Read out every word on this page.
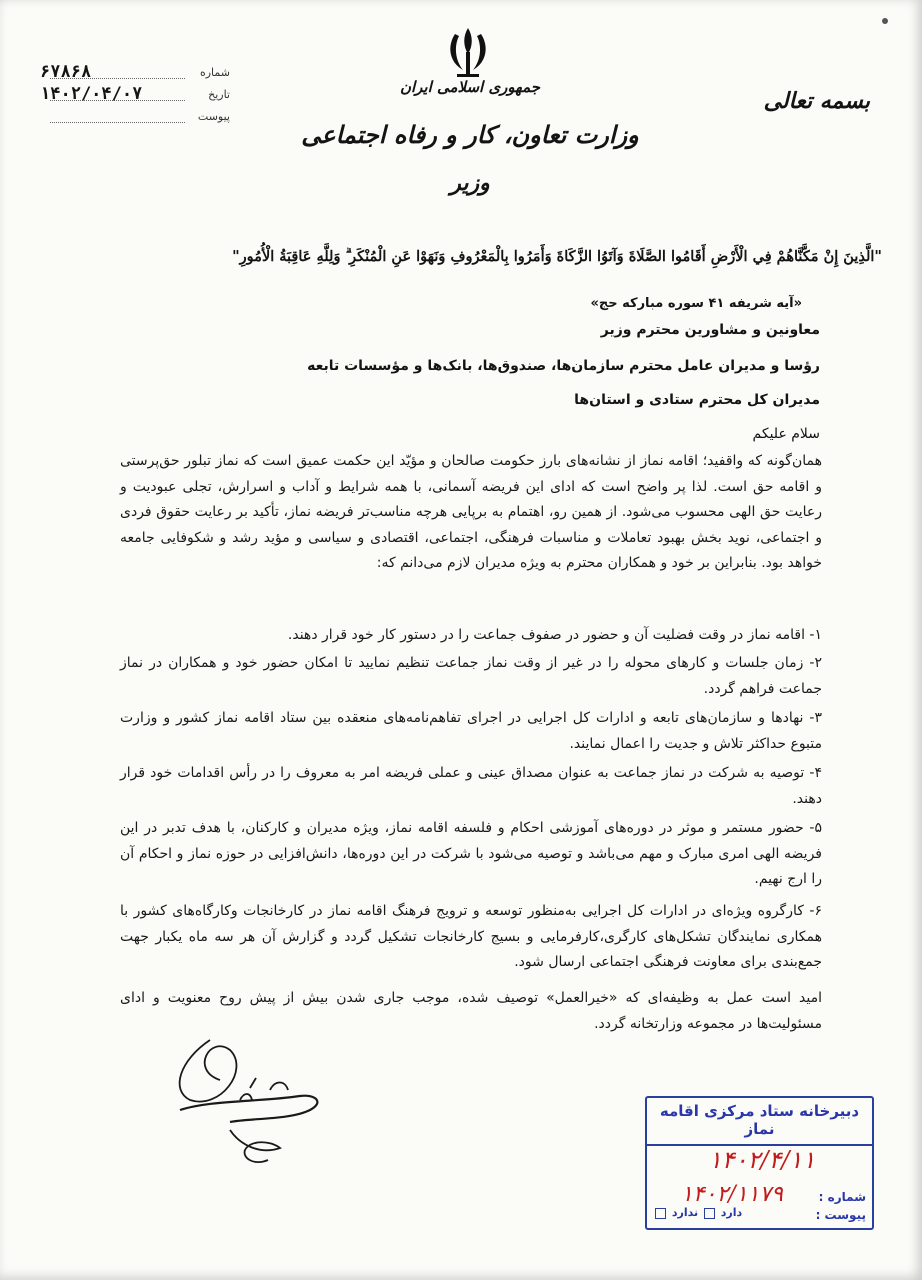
جمهوری اسلامی ایران
وزارت تعاون، کار و رفاه اجتماعی
وزیر
بسمه تعالی
شماره
۶۷۸۶۸
تاریخ
۱۴۰۲/۰۴/۰۷
پیوست
"الَّذِينَ إِنْ مَكَّنَّاهُمْ فِي الْأَرْضِ أَقَامُوا الصَّلَاةَ وَآتَوُا الزَّكَاةَ وَأَمَرُوا بِالْمَعْرُوفِ وَنَهَوْا عَنِ الْمُنْكَرِ ۗ وَلِلَّهِ عَاقِبَةُ الْأُمُورِ"
«آیه شریفه ۴۱ سوره مبارکه حج»
معاونین و مشاورین محترم وزیر
رؤسا و مدیران عامل محترم سازمان‌ها، صندوق‌ها، بانک‌ها و مؤسسات تابعه
مدیران کل محترم ستادی و استان‌ها
سلام علیکم
همان‌گونه که واقفید؛ اقامه نماز از نشانه‌های بارز حکومت صالحان و مؤیّد این حکمت عمیق است که نماز تبلور حق‌پرستی و اقامه حق است. لذا پر واضح است که ادای این فریضه آسمانی، با همه شرایط و آداب و اسرارش، تجلی عبودیت و رعایت حق الهی محسوب می‌شود. از همین رو، اهتمام به برپایی هرچه مناسب‌تر فریضه نماز، تأکید بر رعایت حقوق فردی و اجتماعی، نوید بخش بهبود تعاملات و مناسبات فرهنگی، اجتماعی، اقتصادی و سیاسی و مؤید رشد و شکوفایی جامعه خواهد بود. بنابراین بر خود و همکاران محترم به ویژه مدیران لازم می‌دانم که:
۱- اقامه نماز در وقت فضلیت آن و حضور در صفوف جماعت را در دستور کار خود قرار دهند.
۲- زمان جلسات و کارهای محوله را در غیر از وقت نماز جماعت تنظیم نمایید تا امکان حضور خود و همکاران در نماز جماعت فراهم گردد.
۳- نهادها و سازمان‌های تابعه و ادارات کل اجرایی در اجرای تفاهم‌نامه‌های منعقده بین ستاد اقامه نماز کشور و وزارت متبوع حداکثر تلاش و جدیت را اعمال نمایند.
۴- توصیه به شرکت در نماز جماعت به عنوان مصداق عینی و عملی فریضه امر به معروف را در رأس اقدامات خود قرار دهند.
۵- حضور مستمر و موثر در دوره‌های آموزشی احکام و فلسفه اقامه نماز، ویژه مدیران و کارکنان، با هدف تدبر در این فریضه الهی امری مبارک و مهم می‌باشد و توصیه می‌شود با شرکت در این دوره‌ها، دانش‌افزایی در حوزه نماز و احکام آن را ارج نهیم.
۶- کارگروه ویژه‌ای در ادارات کل اجرایی به‌منظور توسعه و ترویج فرهنگ اقامه نماز در کارخانجات وکارگاه‌های کشور با همکاری نمایندگان تشکل‌های کارگری،کارفرمایی و بسیج کارخانجات تشکیل گردد و گزارش آن هر سه ماه یکبار جهت جمع‌بندی برای معاونت فرهنگی اجتماعی ارسال شود.
امید است عمل به وظیفه‌ای که «خیرالعمل» توصیف شده، موجب جاری شدن بیش از پیش روح معنویت و ادای مسئولیت‌ها در مجموعه وزارتخانه گردد.
دبیرخانه ستاد مرکزی اقامه نماز
۱۴۰۲/۴/۱۱
۱۴۰۲/۱۱۷۹	شماره :
پیوست :
دارد  ندارد
